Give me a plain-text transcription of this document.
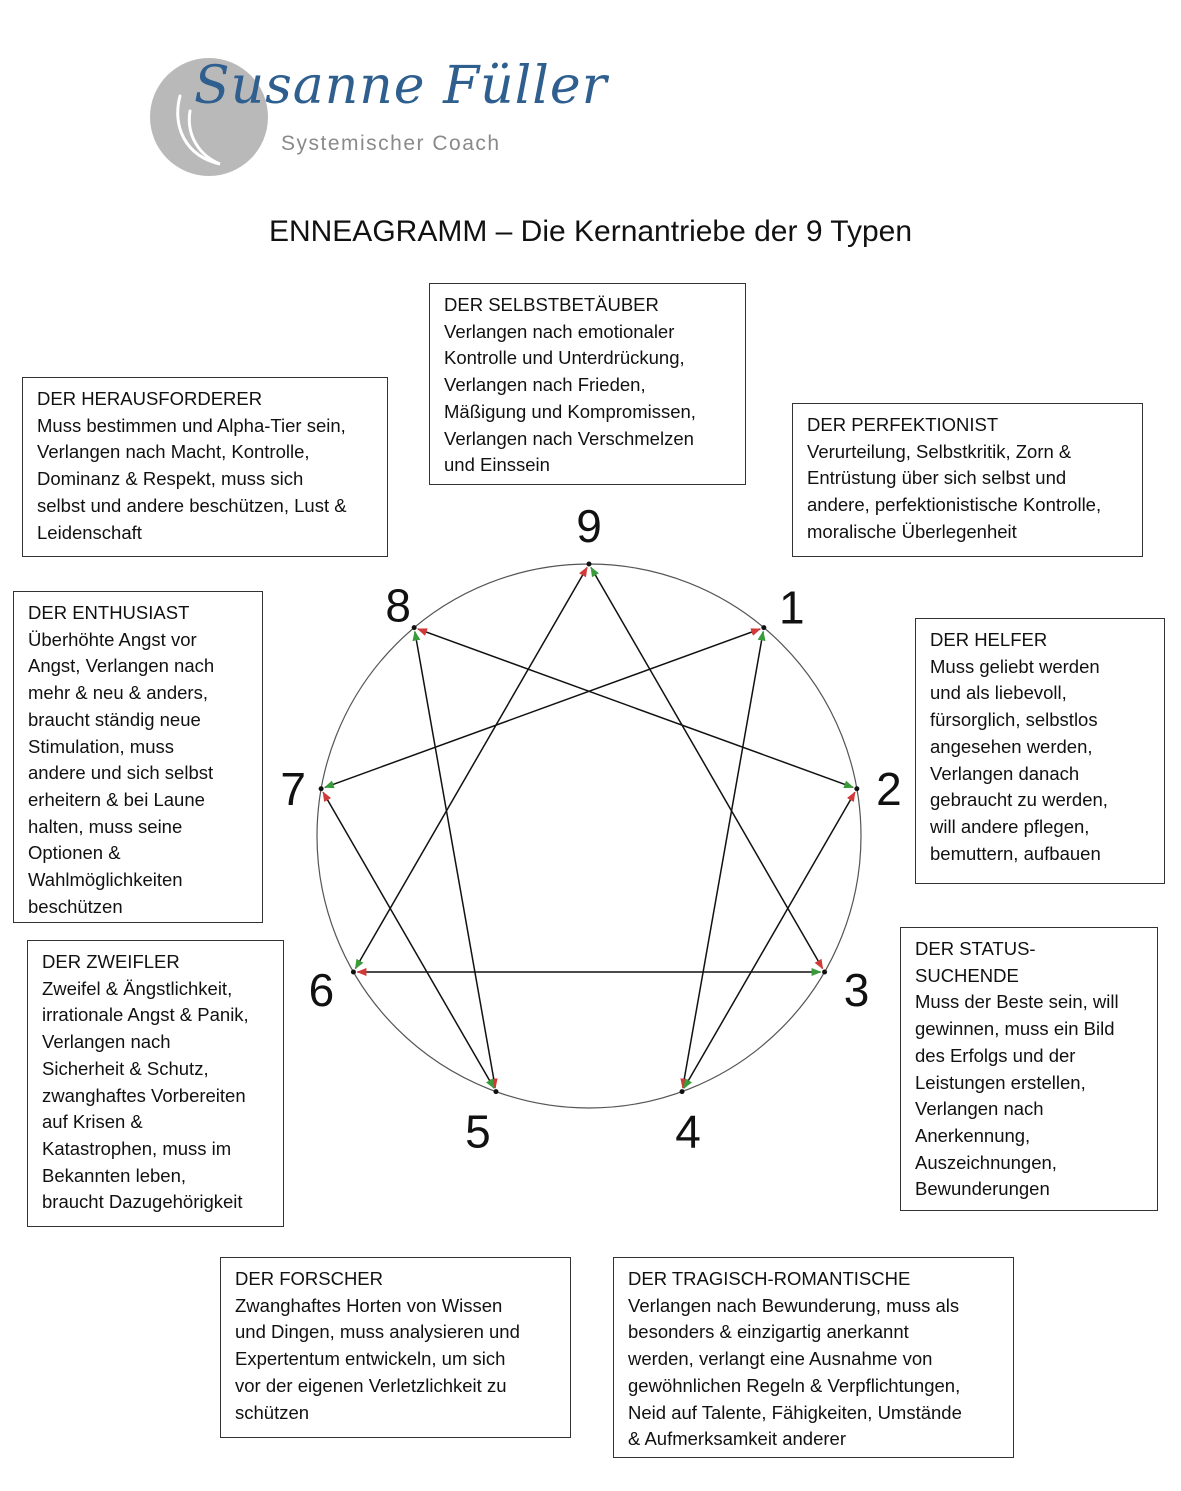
Susanne Füller
Systemischer Coach
ENNEAGRAMM – Die Kernantriebe der 9 Typen
9
1
2
3
4
5
6
7
8
DER SELBSTBETÄUBER
Verlangen nach emotionaler
Kontrolle und Unterdrückung,
Verlangen nach Frieden,
Mäßigung und Kompromissen,
Verlangen nach Verschmelzen
und Einssein
DER HERAUSFORDERER
Muss bestimmen und Alpha-Tier sein,
Verlangen nach Macht, Kontrolle,
Dominanz & Respekt, muss sich
selbst und andere beschützen, Lust &
Leidenschaft
DER PERFEKTIONIST
Verurteilung, Selbstkritik, Zorn &
Entrüstung über sich selbst und
andere, perfektionistische Kontrolle,
moralische Überlegenheit
DER ENTHUSIAST
Überhöhte Angst vor
Angst, Verlangen nach
mehr & neu & anders,
braucht ständig neue
Stimulation, muss
andere und sich selbst
erheitern & bei Laune
halten, muss seine
Optionen &
Wahlmöglichkeiten
beschützen
DER HELFER
Muss geliebt werden
und als liebevoll,
fürsorglich, selbstlos
angesehen werden,
Verlangen danach
gebraucht zu werden,
will andere pflegen,
bemuttern, aufbauen
DER ZWEIFLER
Zweifel & Ängstlichkeit,
irrationale Angst & Panik,
Verlangen nach
Sicherheit & Schutz,
zwanghaftes Vorbereiten
auf Krisen &
Katastrophen, muss im
Bekannten leben,
braucht Dazugehörigkeit
DER STATUS-
SUCHENDE
Muss der Beste sein, will
gewinnen, muss ein Bild
des Erfolgs und der
Leistungen erstellen,
Verlangen nach
Anerkennung,
Auszeichnungen,
Bewunderungen
DER FORSCHER
Zwanghaftes Horten von Wissen
und Dingen, muss analysieren und
Expertentum entwickeln, um sich
vor der eigenen Verletzlichkeit zu
schützen
DER TRAGISCH-ROMANTISCHE
Verlangen nach Bewunderung, muss als
besonders & einzigartig anerkannt
werden, verlangt eine Ausnahme von
gewöhnlichen Regeln & Verpflichtungen,
Neid auf Talente, Fähigkeiten, Umstände
& Aufmerksamkeit anderer
